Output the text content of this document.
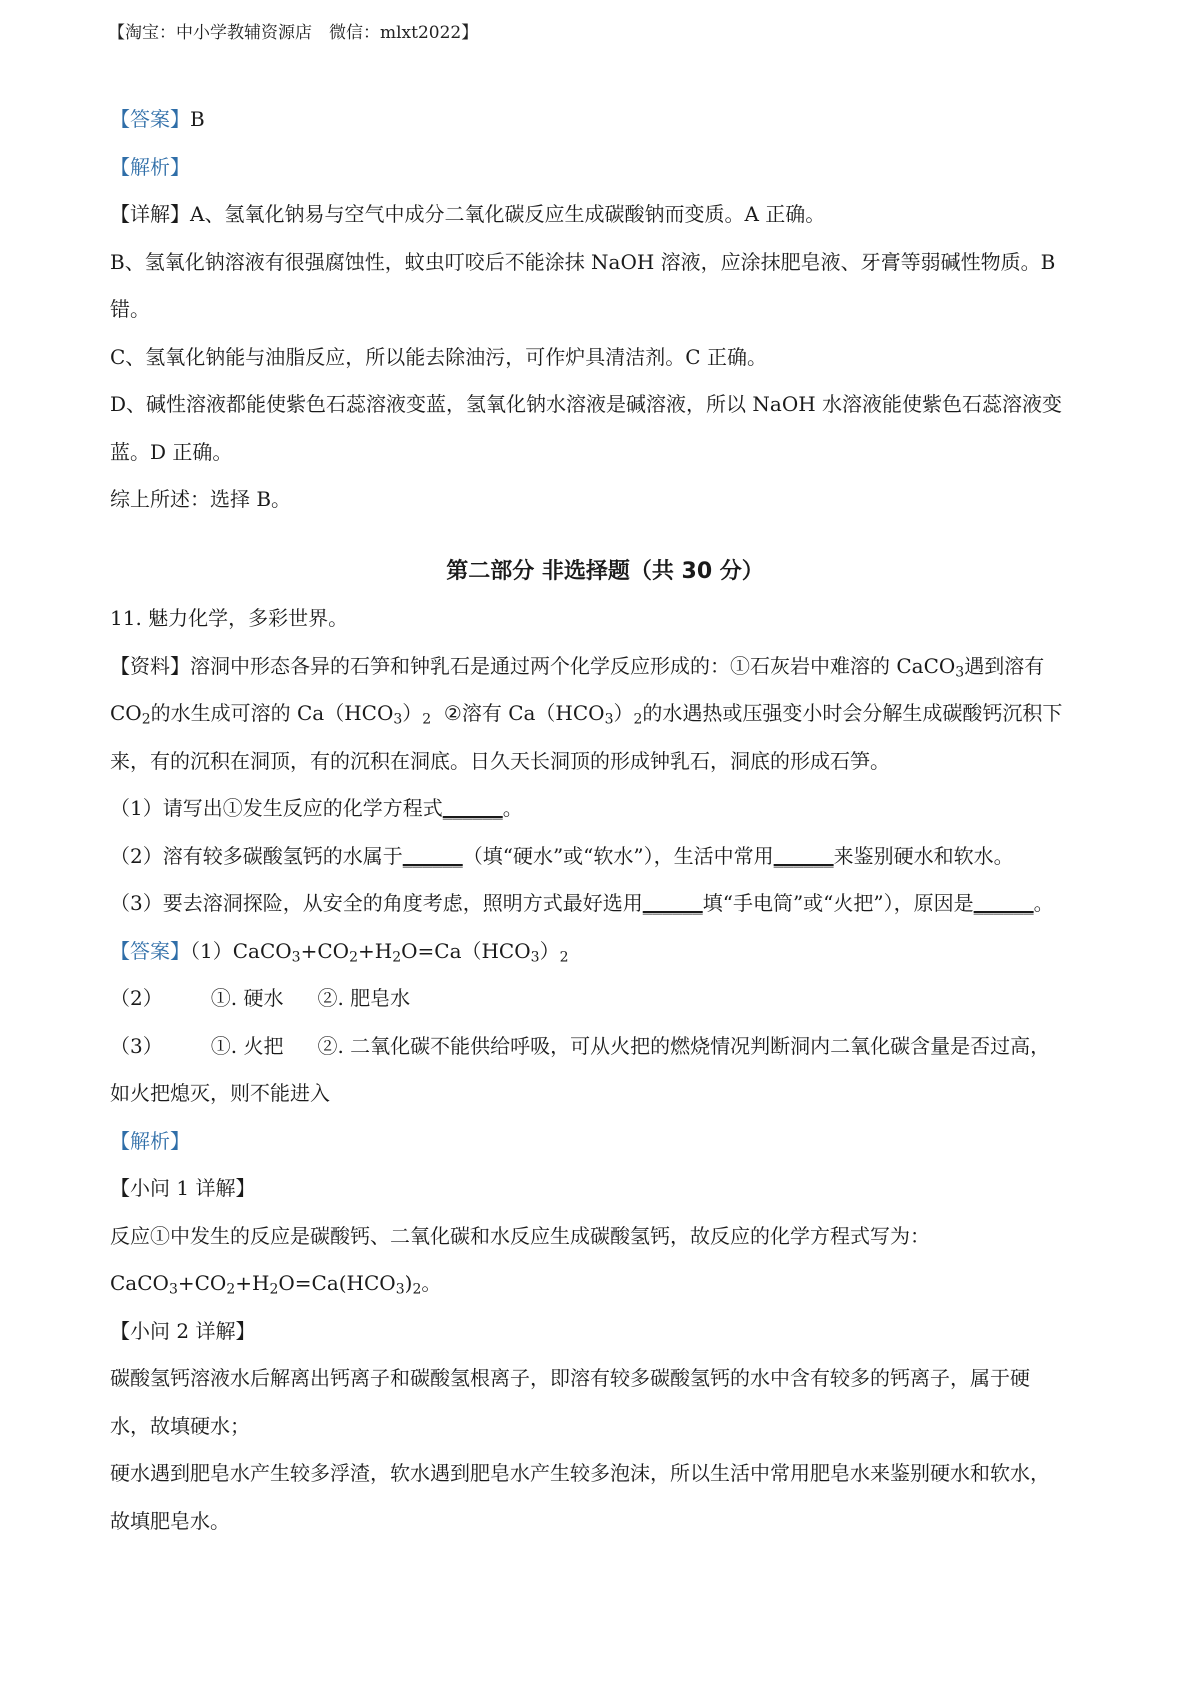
【淘宝：中小学教辅资源店　微信：mlxt2022】
【答案】B
【解析】
【详解】A、氢氧化钠易与空气中成分二氧化碳反应生成碳酸钠而变质。A 正确。
B、氢氧化钠溶液有很强腐蚀性，蚊虫叮咬后不能涂抹 NaOH 溶液，应涂抹肥皂液、牙膏等弱碱性物质。B
错。
C、氢氧化钠能与油脂反应，所以能去除油污，可作炉具清洁剂。C 正确。
D、碱性溶液都能使紫色石蕊溶液变蓝，氢氧化钠水溶液是碱溶液，所以 NaOH 水溶液能使紫色石蕊溶液变
蓝。D 正确。
综上所述：选择 B。
第二部分 非选择题（共 30 分）
11. 魅力化学，多彩世界。
【资料】溶洞中形态各异的石笋和钟乳石是通过两个化学反应形成的：①石灰岩中难溶的 CaCO$_3$遇到溶有
$CO_2$的水生成可溶的 $Ca(HCO_3)_2$ ②溶有 $Ca(HCO_3)_2$的水遇热或压强变小时会分解生成碳酸钙沉积下
来，有的沉积在洞顶，有的沉积在洞底。日久天长洞顶的形成钟乳石，洞底的形成石笋。
（1）请写出①发生反应的化学方程式______。
（2）溶有较多碳酸氢钙的水属于______（填“硬水”或“软水”），生活中常用______来鉴别硬水和软水。
（3）要去溶洞探险，从安全的角度考虑，照明方式最好选用______填“手电筒”或“火把”），原因是______。
【答案】$(1)CaCO_3+CO_2+H_2O=Ca(HCO_3)_2$
（2） ①. 硬水 ②. 肥皂水
（3） ①. 火把 ②. 二氧化碳不能供给呼吸，可从火把的燃烧情况判断洞内二氧化碳含量是否过高，
如火把熄灭，则不能进入
【解析】
【小问 1 详解】
反应①中发生的反应是碳酸钙、二氧化碳和水反应生成碳酸氢钙，故反应的化学方程式写为：
$CaCO_3+CO_2+H_2O=Ca(HCO_3)_2$。
【小问 2 详解】
碳酸氢钙溶液水后解离出钙离子和碳酸氢根离子，即溶有较多碳酸氢钙的水中含有较多的钙离子，属于硬
水，故填硬水；
硬水遇到肥皂水产生较多浮渣，软水遇到肥皂水产生较多泡沫，所以生活中常用肥皂水来鉴别硬水和软水，
故填肥皂水。
